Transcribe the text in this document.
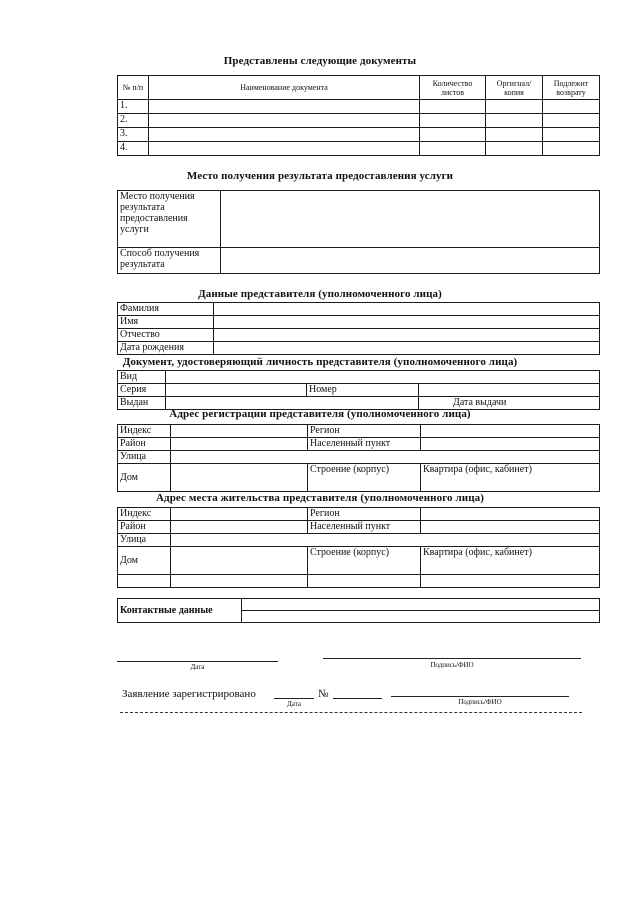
Представлены следующие документы
№ п/п	Наименование документа	Количество листов	Оргигнал/ копия	Подлежит возврату
1.				
2.				
3.				
4.				
Место получения результата предоставления услуги
Место получения результата предоставления услуги	
Способ получения результата	
Данные представителя (уполномоченного лица)
Фамилия	
Имя	
Отчество	
Дата рождения	
Документ, удостоверяющий личность представителя (уполномоченного лица)
Вид			
Серия		Номер	
Выдан			Дата выдачи
Адрес регистрации представителя (уполномоченного лица)
Индекс		Регион	
Район		Населенный пункт	
Улица			
Дом		Строение (корпус)	Квартира (офис, кабинет)
Адрес места жительства представителя (уполномоченного лица)
Индекс		Регион	
Район		Населенный пункт	
Улица			
Дом		Строение (корпус)	Квартира (офис, кабинет)

Контактные данные	

Дата	Подпись/ФИО
Заявление зарегистрировано	№
Дата	Подпись/ФИО
